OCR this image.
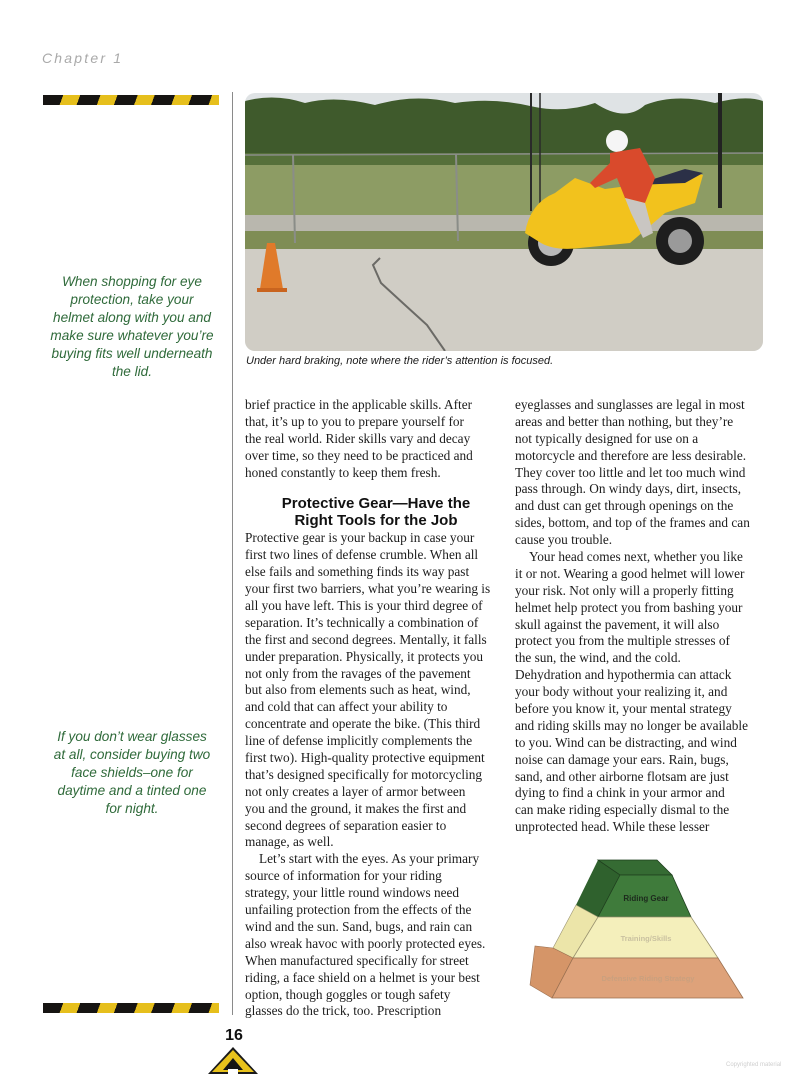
Chapter 1
When shopping for eye
protection, take your
helmet along with you and
make sure whatever you’re
buying fits well underneath
the lid.
If you don’t wear glasses
at all, consider buying two
face shields–one for
daytime and a tinted one
for night.
Under hard braking, note where the rider’s attention is focused.
brief practice in the applicable skills. After
that, it’s up to you to prepare yourself for
the real world. Rider skills vary and decay
over time, so they need to be practiced and
honed constantly to keep them fresh.
Protective Gear—Have the
Right Tools for the Job
Protective gear is your backup in case your
first two lines of defense crumble. When all
else fails and something finds its way past
your first two barriers, what you’re wearing is
all you have left. This is your third degree of
separation. It’s technically a combination of
the first and second degrees. Mentally, it falls
under preparation. Physically, it protects you
not only from the ravages of the pavement
but also from elements such as heat, wind,
and cold that can affect your ability to
concentrate and operate the bike. (This third
line of defense implicitly complements the
first two). High-quality protective equipment
that’s designed specifically for motorcycling
not only creates a layer of armor between
you and the ground, it makes the first and
second degrees of separation easier to
manage, as well.
Let’s start with the eyes. As your primary
source of information for your riding
strategy, your little round windows need
unfailing protection from the effects of the
wind and the sun. Sand, bugs, and rain can
also wreak havoc with poorly protected eyes.
When manufactured specifically for street
riding, a face shield on a helmet is your best
option, though goggles or tough safety
glasses do the trick, too. Prescription
eyeglasses and sunglasses are legal in most
areas and better than nothing, but they’re
not typically designed for use on a
motorcycle and therefore are less desirable.
They cover too little and let too much wind
pass through. On windy days, dirt, insects,
and dust can get through openings on the
sides, bottom, and top of the frames and can
cause you trouble.
Your head comes next, whether you like
it or not. Wearing a good helmet will lower
your risk. Not only will a properly fitting
helmet help protect you from bashing your
skull against the pavement, it will also
protect you from the multiple stresses of
the sun, the wind, and the cold.
Dehydration and hypothermia can attack
your body without your realizing it, and
before you know it, your mental strategy
and riding skills may no longer be available
to you. Wind can be distracting, and wind
noise can damage your ears. Rain, bugs,
sand, and other airborne flotsam are just
dying to find a chink in your armor and
can make riding especially dismal to the
unprotected head. While these lesser
Riding Gear
Training/Skills
Defensive Riding Strategy
16
Copyrighted material
